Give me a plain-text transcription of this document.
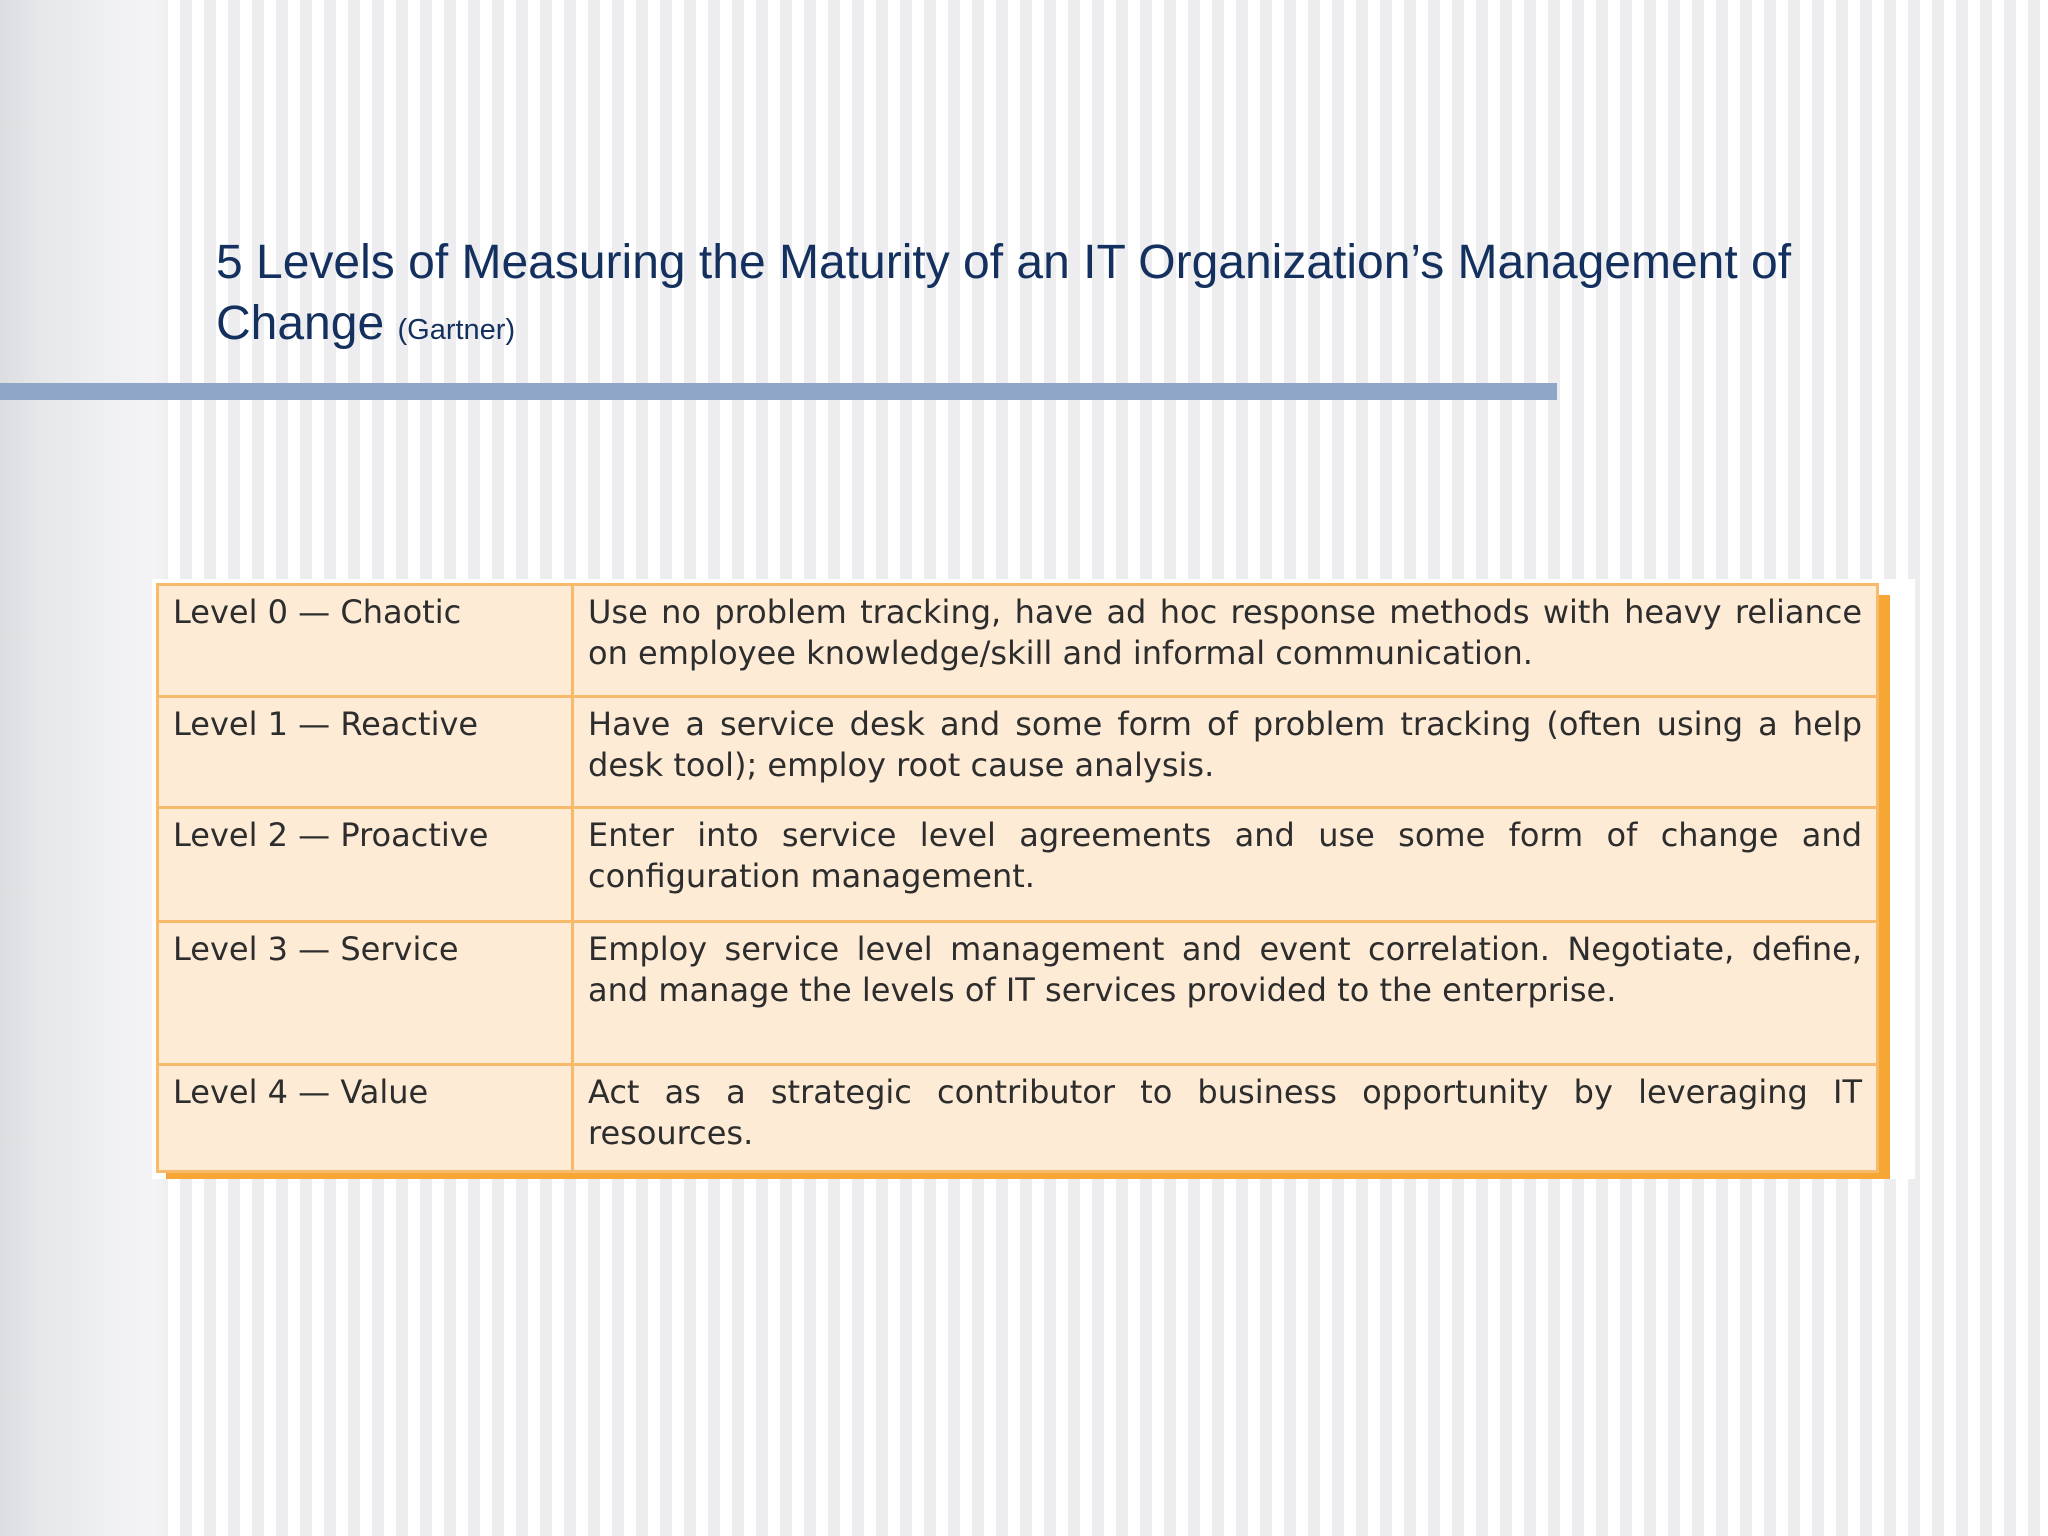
5 Levels of Measuring the Maturity of an IT Organization’s Management of Change (Gartner)
Level 0 — Chaotic	Use no problem tracking, have ad hoc response methods with heavy reliance on employee knowledge/skill and informal communication.
Level 1 — Reactive	Have a service desk and some form of problem tracking (often using a help desk tool); employ root cause analysis.
Level 2 — Proactive	Enter into service level agreements and use some form of change and configuration management.
Level 3 — Service	Employ service level management and event correlation. Negotiate, define, and manage the levels of IT services provided to the enterprise.
Level 4 — Value	Act as a strategic contributor to business opportunity by leveraging IT resources.
